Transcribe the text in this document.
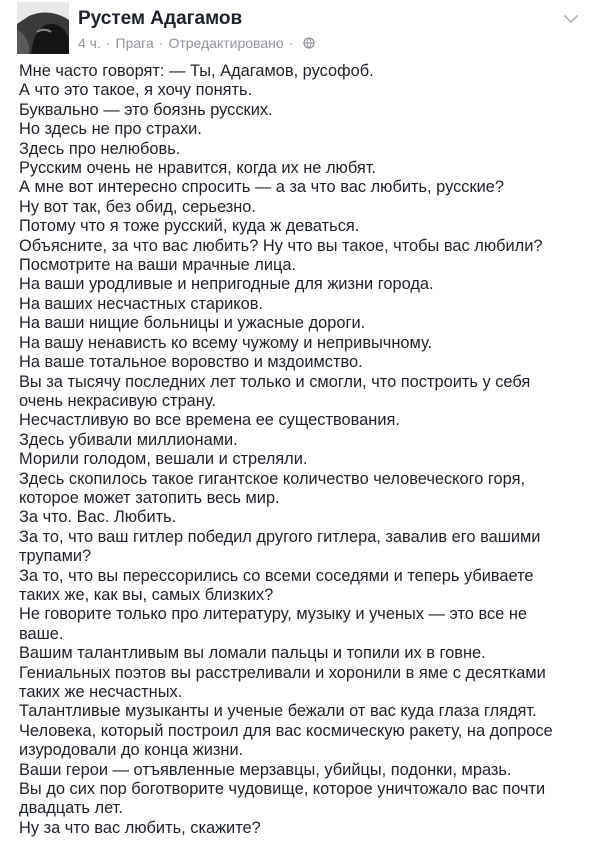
Рустем Адагамов
4 ч. · Прага · Отредактировано ·
Мне часто говорят: — Ты, Адагамов, русофоб.
А что это такое, я хочу понять.
Буквально — это боязнь русских.
Но здесь не про страхи.
Здесь про нелюбовь.
Русским очень не нравится, когда их не любят.
А мне вот интересно спросить — а за что вас любить, русские?
Ну вот так, без обид, серьезно.
Потому что я тоже русский, куда ж деваться.
Объясните, за что вас любить? Ну что вы такое, чтобы вас любили?
Посмотрите на ваши мрачные лица.
На ваши уродливые и непригодные для жизни города.
На ваших несчастных стариков.
На ваши нищие больницы и ужасные дороги.
На вашу ненависть ко всему чужому и непривычному.
На ваше тотальное воровство и мздоимство.
Вы за тысячу последних лет только и смогли, что построить у себя
очень некрасивую страну.
Несчастливую во все времена ее существования.
Здесь убивали миллионами.
Морили голодом, вешали и стреляли.
Здесь скопилось такое гигантское количество человеческого горя,
которое может затопить весь мир.
За что. Вас. Любить.
За то, что ваш гитлер победил другого гитлера, завалив его вашими
трупами?
За то, что вы перессорились со всеми соседями и теперь убиваете
таких же, как вы, самых близких?
Не говорите только про литературу, музыку и ученых — это все не
ваше.
Вашим талантливым вы ломали пальцы и топили их в говне.
Гениальных поэтов вы расстреливали и хоронили в яме с десятками
таких же несчастных.
Талантливые музыканты и ученые бежали от вас куда глаза глядят.
Человека, который построил для вас космическую ракету, на допросе
изуродовали до конца жизни.
Ваши герои — отъявленные мерзавцы, убийцы, подонки, мразь.
Вы до сих пор боготворите чудовище, которое уничтожало вас почти
двадцать лет.
Ну за что вас любить, скажите?
